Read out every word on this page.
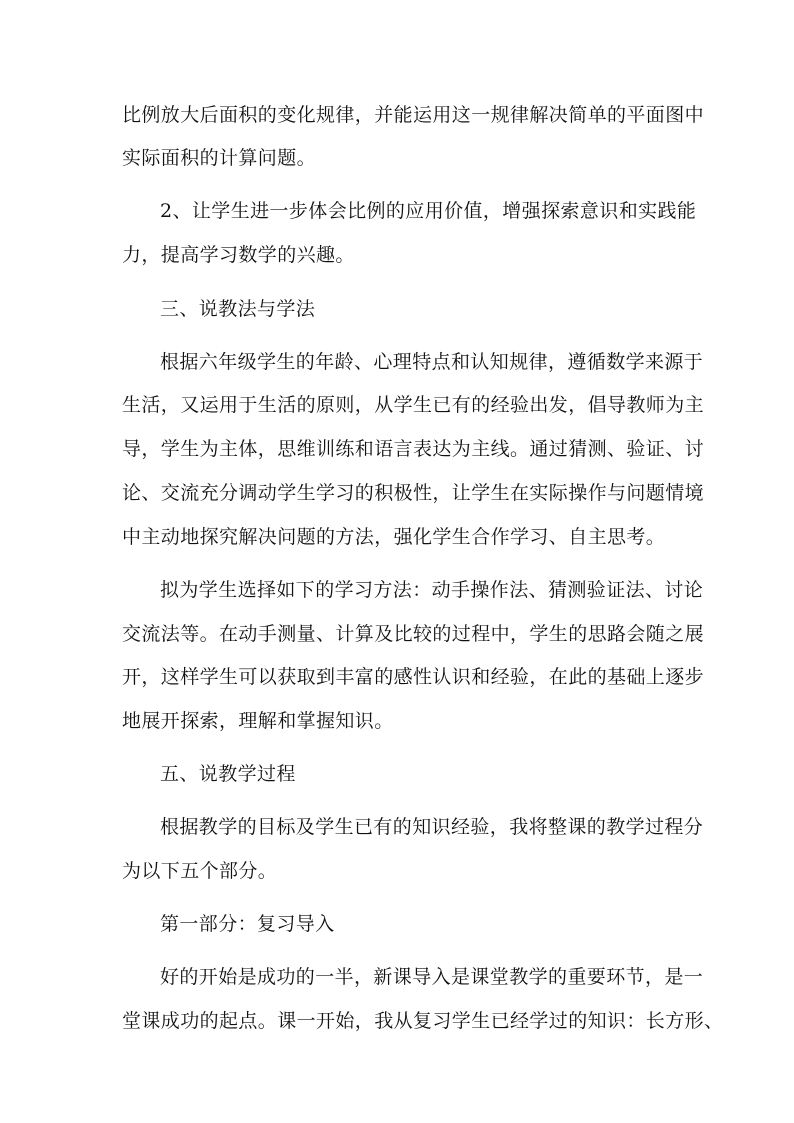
比例放大后面积的变化规律，并能运用这一规律解决简单的平面图中
实际面积的计算问题。
2、让学生进一步体会比例的应用价值，增强探索意识和实践能
力，提高学习数学的兴趣。
三、说教法与学法
根据六年级学生的年龄、心理特点和认知规律，遵循数学来源于
生活，又运用于生活的原则，从学生已有的经验出发，倡导教师为主
导，学生为主体，思维训练和语言表达为主线。通过猜测、验证、讨
论、交流充分调动学生学习的积极性，让学生在实际操作与问题情境
中主动地探究解决问题的方法，强化学生合作学习、自主思考。
拟为学生选择如下的学习方法：动手操作法、猜测验证法、讨论
交流法等。在动手测量、计算及比较的过程中，学生的思路会随之展
开，这样学生可以获取到丰富的感性认识和经验，在此的基础上逐步
地展开探索，理解和掌握知识。
五、说教学过程
根据教学的目标及学生已有的知识经验，我将整课的教学过程分
为以下五个部分。
第一部分：复习导入
好的开始是成功的一半，新课导入是课堂教学的重要环节，是一
堂课成功的起点。课一开始，我从复习学生已经学过的知识：长方形、
